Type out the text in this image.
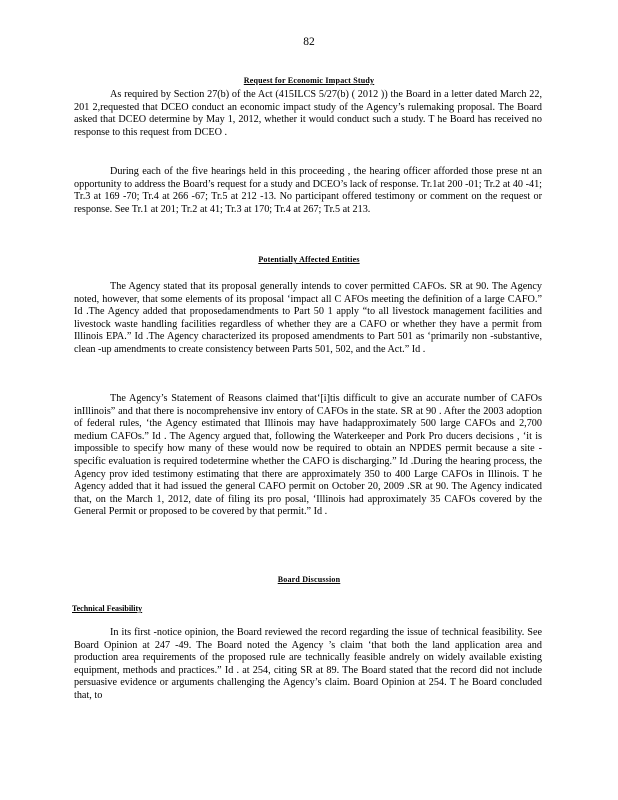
82
Request for Economic Impact Study

As required by Section 27(b) of the Act (415ILCS 5/27(b) ( 2012 )) the Board in a letter dated March 22, 201 2,requested that DCEO conduct an economic impact study of the Agency’s rulemaking proposal. The Board asked that DCEO determine by May 1, 2012, whether it would conduct such a study. T he Board has received no response to this request from DCEO .

During each of the five hearings held in this proceeding , the hearing officer afforded those prese nt an opportunity to address the Board’s request for a study and DCEO’s lack of response. Tr.1at 200 -01; Tr.2 at 40 -41; Tr.3 at 169 -70; Tr.4 at 266 -67; Tr.5 at 212 -13. No participant offered testimony or comment on the request or response. See Tr.1 at 201; Tr.2 at 41; Tr.3 at 170; Tr.4 at 267; Tr.5 at 213.

Potentially Affected Entities

The Agency stated that its proposal generally intends to cover permitted CAFOs. SR at 90. The Agency noted, however, that some elements of its proposal ‘impact all C AFOs meeting the definition of a large CAFO.” Id .The Agency added that proposedamendments to Part 50 1 apply “to all livestock management facilities and livestock waste handling facilities regardless of whether they are a CAFO or whether they have a permit from Illinois EPA.” Id .The Agency characterized its proposed amendments to Part 501 as ‘primarily non -substantive, clean -up amendments to create consistency between Parts 501, 502, and the Act.” Id .

The Agency’s Statement of Reasons claimed that‘[i]tis difficult to give an accurate number of CAFOs inIllinois” and that there is nocomprehensive inv entory of CAFOs in the state. SR at 90 . After the 2003 adoption of federal rules, ‘the Agency estimated that Illinois may have hadapproximately 500 large CAFOs and 2,700 medium CAFOs.” Id . The Agency argued that, following the Waterkeeper and Pork Pro ducers decisions , ‘it is impossible to specify how many of these would now be required to obtain an NPDES permit because a site - specific evaluation is required todetermine whether the CAFO is discharging.” Id .During the hearing process, the Agency prov ided testimony estimating that there are approximately 350 to 400 Large CAFOs in Illinois. T he Agency added that it had issued the general CAFO permit on October 20, 2009 .SR at 90. The Agency indicated that, on the March 1, 2012, date of filing its pro posal, ‘Illinois had approximately 35 CAFOs covered by the General Permit or proposed to be covered by that permit.” Id .

Board Discussion
Technical Feasibility

In its first -notice opinion, the Board reviewed the record regarding the issue of technical feasibility. See Board Opinion at 247 -49. The Board noted the Agency ’s claim ‘that both the land application area and production area requirements of the proposed rule are technically feasible andrely on widely available existing equipment, methods and practices.” Id . at 254, citing SR at 89. The Board stated that the record did not include persuasive evidence or arguments challenging the Agency’s claim. Board Opinion at 254. T he Board concluded that, to
